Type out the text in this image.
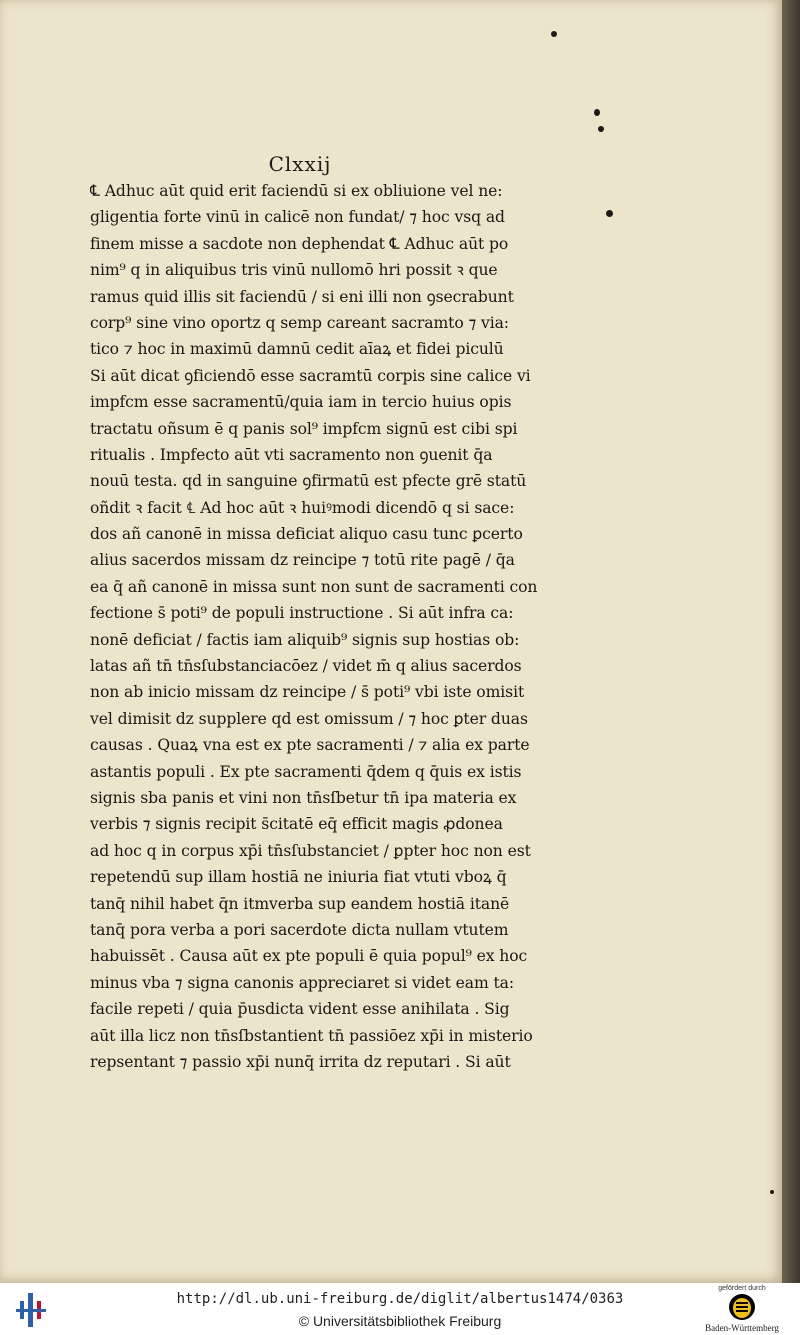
Clxxij
℄ Adhuc aūt quid erit faciendū si ex obliuione vel ne:
gligentia forte vinū in calicē non fundat/ ⁊ hoc vsq ad
finem misse a sacdote non dephendat ℄ Adhuc aūt po
nim⁹ q in aliquibus tris vinū nullomō hri possit ꝛ que
ramus quid illis sit faciendū / si eni illi non ꝯsecrabunt
corp⁹ sine vino oportz q semp careant sacramto ⁊ via:
tico ⁊ hoc in maximū damnū cedit aīaꝝ et fidei piculū
Si aūt dicat ꝯficiendō esse sacramtū corpis sine calice vi
impfcm esse sacramentū/quia iam in tercio huius opis
tractatu oñsum ē q panis sol⁹ impfcm signū est cibi spi
ritualis . Impfecto aūt vti sacramento non ꝯuenit q̄a
nouū testa. qd in sanguine ꝯfirmatū est pfecte grē statū
oñdit ꝛ facit ℄ Ad hoc aūt ꝛ huiꝰmodi dicendō q si sace:
dos añ canonē in missa deficiat aliquo casu tunc ꝑcerto
alius sacerdos missam dz reincipe ⁊ totū rite pagē / q̄a
ea q̄ añ canonē in missa sunt non sunt de sacramenti con
fectione s̄ poti⁹ de populi instructione . Si aūt infra ca:
nonē deficiat / factis iam aliquib⁹ signis sup hostias ob:
latas añ tn̄ tn̄sſubstanciacōez / videt m̄ q alius sacerdos
non ab inicio missam dz reincipe / s̄ poti⁹ vbi iste omisit
vel dimisit dz supplere qd est omissum / ⁊ hoc ꝑter duas
causas . Quaꝝ vna est ex pte sacramenti / ⁊ alia ex parte
astantis populi . Ex pte sacramenti q̄dem q q̄uis ex istis
signis sba panis et vini non tn̄sſbetur tn̄ ipa materia ex
verbis ⁊ signis recipit s̄citatē eq̄ efficit magis ꝓdonea
ad hoc q in corpus xp̄i tn̄sſubstanciet / ꝑpter hoc non est
repetendū sup illam hostiā ne iniuria fiat vtuti vboꝝ q̄
tanq̄ nihil habet q̄n itmverba sup eandem hostiā itanē
tanq̄ pora verba a pori sacerdote dicta nullam vtutem
habuissēt . Causa aūt ex pte populi ē quia popul⁹ ex hoc
minus vba ⁊ signa canonis appreciaret si videt eam ta:
facile repeti / quia p̄usdicta vident esse anihilata . Sig
aūt illa licz non tn̄sſbstantient tn̄ passiōez xp̄i in misterio
repsentant ⁊ passio xp̄i nunq̄ irrita dz reputari . Si aūt
http://dl.ub.uni-freiburg.de/diglit/albertus1474/0363
© Universitätsbibliothek Freiburg
gefördert durch
Baden-Württemberg
